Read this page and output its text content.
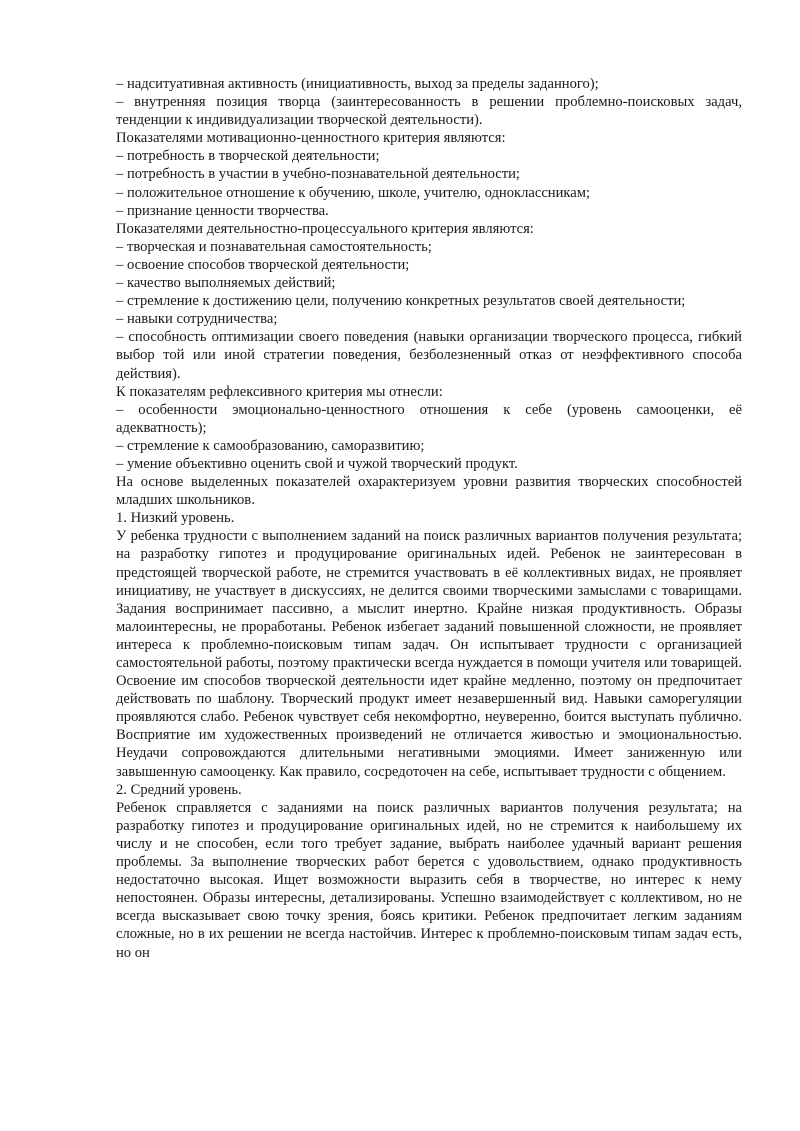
– надситуативная активность (инициативность, выход за пределы заданного);

– внутренняя позиция творца (заинтересованность в решении проблемно-поисковых задач, тенденции к индивидуализации творческой деятельности).

Показателями мотивационно-ценностного критерия являются:

– потребность в творческой деятельности;

– потребность в участии в учебно-познавательной деятельности;

– положительное отношение к обучению, школе, учителю, одноклассникам;

– признание ценности творчества.

Показателями деятельностно-процессуального критерия являются:

– творческая и познавательная самостоятельность;

– освоение способов творческой деятельности;

– качество выполняемых действий;

– стремление к достижению цели, получению конкретных результатов своей деятельности;

– навыки сотрудничества;

– способность оптимизации своего поведения (навыки организации творческого процесса, гибкий выбор той или иной стратегии поведения, безболезненный отказ от неэффективного способа действия).

К показателям рефлексивного критерия мы отнесли:

– особенности эмоционально-ценностного отношения к себе (уровень самооценки, её адекватность);

– стремление к самообразованию, саморазвитию;

– умение объективно оценить свой и чужой творческий продукт.

На основе выделенных показателей охарактеризуем уровни развития творческих способностей младших школьников.

1. Низкий уровень.

У ребенка трудности с выполнением заданий на поиск различных вариантов получения результата; на разработку гипотез и продуцирование оригинальных идей. Ребенок не заинтересован в предстоящей творческой работе, не стремится участвовать в её коллективных видах, не проявляет инициативу, не участвует в дискуссиях, не делится своими творческими замыслами с товарищами. Задания воспринимает пассивно, а мыслит инертно. Крайне низкая продуктивность. Образы малоинтересны, не проработаны. Ребенок избегает заданий повышенной сложности, не проявляет интереса к проблемно-поисковым типам задач. Он испытывает трудности с организацией самостоятельной работы, поэтому практически всегда нуждается в помощи учителя или товарищей. Освоение им способов творческой деятельности идет крайне медленно, поэтому он предпочитает действовать по шаблону. Творческий продукт имеет незавершенный вид. Навыки саморегуляции проявляются слабо. Ребенок чувствует себя некомфортно, неуверенно, боится выступать публично. Восприятие им художественных произведений не отличается живостью и эмоциональностью. Неудачи сопровождаются длительными негативными эмоциями. Имеет заниженную или завышенную самооценку. Как правило, сосредоточен на себе, испытывает трудности с общением.

2. Средний уровень.

Ребенок справляется с заданиями на поиск различных вариантов получения результата; на разработку гипотез и продуцирование оригинальных идей, но не стремится к наибольшему их числу и не способен, если того требует задание, выбрать наиболее удачный вариант решения проблемы. За выполнение творческих работ берется с удовольствием, однако продуктивность недостаточно высокая. Ищет возможности выразить себя в творчестве, но интерес к нему непостоянен. Образы интересны, детализированы. Успешно взаимодействует с коллективом, но не всегда высказывает свою точку зрения, боясь критики. Ребенок предпочитает легким заданиям сложные, но в их решении не всегда настойчив. Интерес к проблемно-поисковым типам задач есть, но он
